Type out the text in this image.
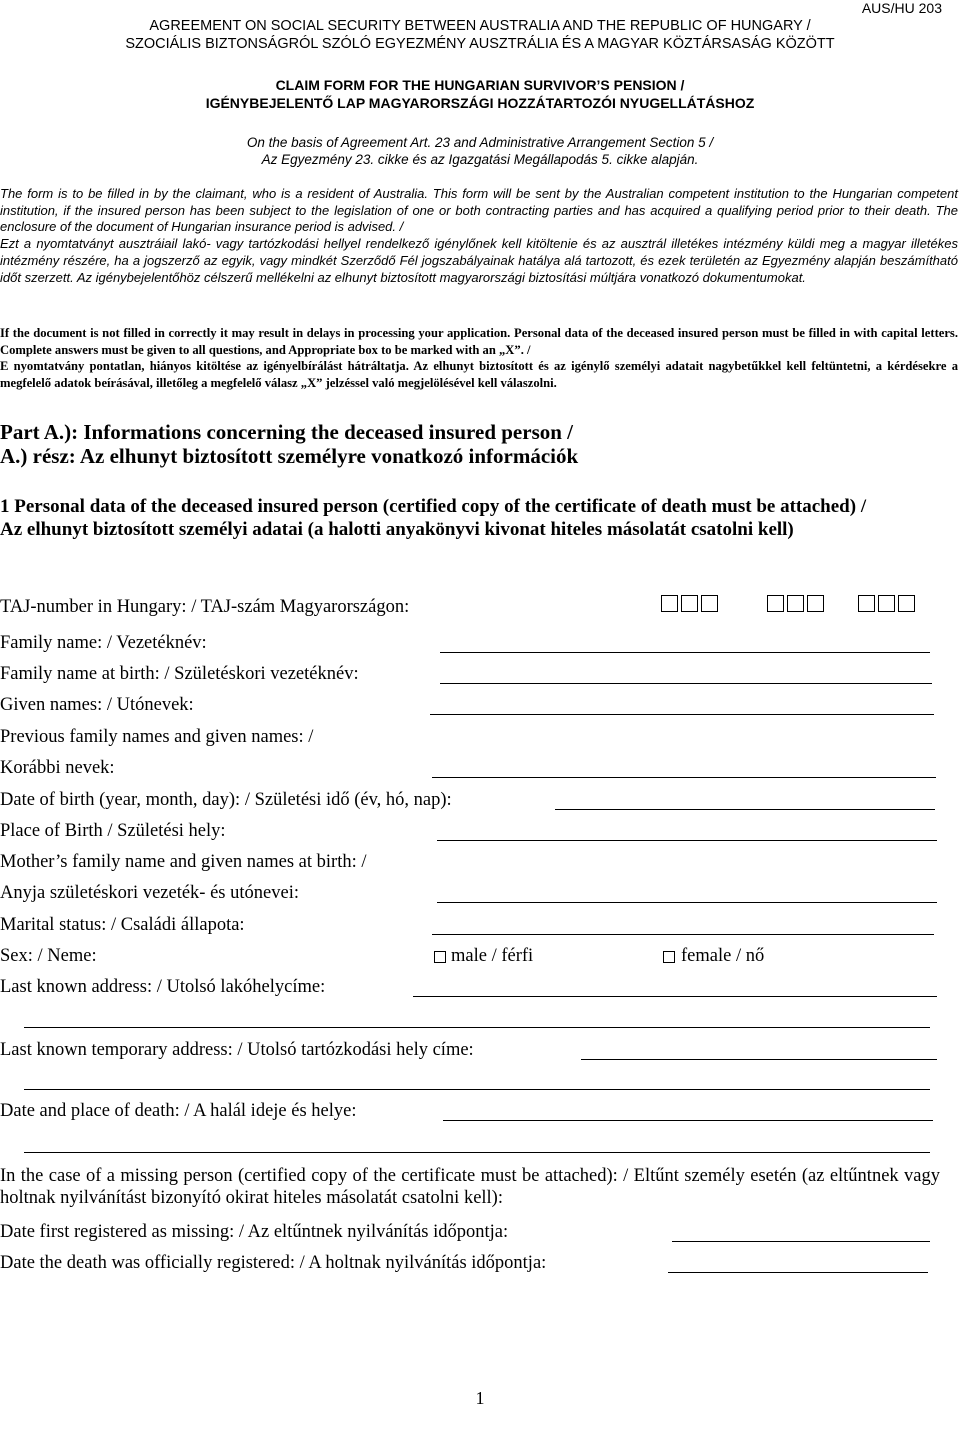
AUS/HU 203
AGREEMENT ON SOCIAL SECURITY BETWEEN AUSTRALIA AND THE REPUBLIC OF HUNGARY /
SZOCIÁLIS BIZTONSÁGRÓL SZÓLÓ EGYEZMÉNY AUSZTRÁLIA ÉS A MAGYAR KÖZTÁRSASÁG KÖZÖTT
CLAIM FORM FOR THE HUNGARIAN SURVIVOR’S PENSION /
IGÉNYBEJELENTŐ LAP MAGYARORSZÁGI HOZZÁTARTOZÓI NYUGELLÁTÁSHOZ
On the basis of Agreement Art. 23 and Administrative Arrangement Section 5 /
Az Egyezmény 23. cikke és az Igazgatási Megállapodás 5. cikke alapján.

The form is to be filled in by the claimant, who is a resident of Australia. This form will be sent by the Australian competent institution to the Hungarian competent institution, if the insured person has been subject to the legislation of one or both contracting parties and has acquired a qualifying period prior to their death. The enclosure of the document of Hungarian insurance period is advised. /

Ezt a nyomtatványt ausztráiail lakó- vagy tartózkodási hellyel rendelkező igénylőnek kell kitöltenie és az ausztrál illetékes intézmény küldi meg a magyar illetékes intézmény részére, ha a jogszerző az egyik, vagy mindkét Szerződő Fél jogszabályainak hatálya alá tartozott, és ezek területén az Egyezmény alapján beszámítható időt szerzett. Az igénybejelentőhöz célszerű mellékelni az elhunyt biztosított magyarországi biztosítási múltjára vonatkozó dokumentumokat.

If the document is not filled in correctly it may result in delays in processing your application. Personal data of the deceased insured person must be filled in with capital letters. Complete answers must be given to all questions, and Appropriate box to be marked with an „X”. /

E nyomtatvány pontatlan, hiányos kitöltése az igényelbírálást hátráltatja. Az elhunyt biztosított és az igénylő személyi adatait nagybetűkkel kell feltüntetni, a kérdésekre a megfelelő adatok beírásával, illetőleg a megfelelő válasz „X” jelzéssel való megjelölésével kell válaszolni.

Part A.): Informations concerning the deceased insured person /
A.) rész: Az elhunyt biztosított személyre vonatkozó információk
1 Personal data of the deceased insured person (certified copy of the certificate of death must be attached) /
Az elhunyt biztosított személyi adatai (a halotti anyakönyvi kivonat hiteles másolatát csatolni kell)
TAJ-number in Hungary: / TAJ-szám Magyarországon:
Family name: / Vezetéknév:
Family name at birth: / Születéskori vezetéknév:
Given names: / Utónevek:
Previous family names and given names: /
Korábbi nevek:
Date of birth (year, month, day): / Születési idő (év, hó, nap):
Place of Birth / Születési hely:
Mother’s family name and given names at birth: /
Anyja születéskori vezeték- és utónevei:
Marital status: / Családi állapota:
Sex: / Neme:	male / férfi	female / nő
Last known address: / Utolsó lakóhelycíme:
Last known temporary address: / Utolsó tartózkodási hely címe:
Date and place of death: / A halál ideje és helye:
In the case of a missing person (certified copy of the certificate must be attached): / Eltűnt személy esetén (az eltűntnek vagy holtnak nyilvánítást bizonyító okirat hiteles másolatát csatolni kell):
Date first registered as missing: / Az eltűntnek nyilvánítás időpontja:
Date the death was officially registered: / A holtnak nyilvánítás időpontja:
1
